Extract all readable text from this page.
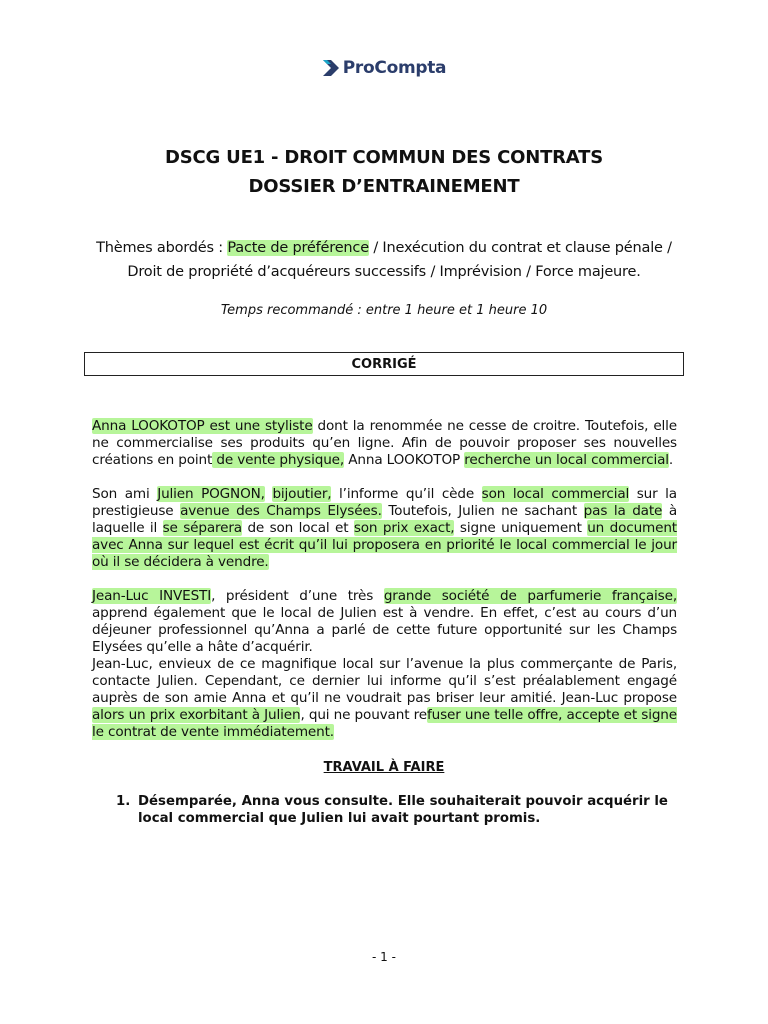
ProCompta
DSCG UE1 - DROIT COMMUN DES CONTRATS
DOSSIER D’ENTRAINEMENT
Thèmes abordés : Pacte de préférence / Inexécution du contrat et clause pénale /
Droit de propriété d’acquéreurs successifs / Imprévision / Force majeure.
Temps recommandé : entre 1 heure et 1 heure 10
CORRIGÉ

Anna LOOKOTOP est une styliste dont la renommée ne cesse de croitre. Toutefois, elle ne commercialise ses produits qu’en ligne. Afin de pouvoir proposer ses nouvelles créations en point de vente physique, Anna LOOKOTOP recherche un local commercial.

Son ami Julien POGNON, bijoutier, l’informe qu’il cède son local commercial sur la prestigieuse avenue des Champs Elysées. Toutefois, Julien ne sachant pas la date à laquelle il se séparera de son local et son prix exact, signe uniquement un document avec Anna sur lequel est écrit qu’il lui proposera en priorité le local commercial le jour où il se décidera à vendre.

Jean-Luc INVESTI, président d’une très grande société de parfumerie française, apprend également que le local de Julien est à vendre. En effet, c’est au cours d’un déjeuner professionnel qu’Anna a parlé de cette future opportunité sur les Champs Elysées qu’elle a hâte d’acquérir.

Jean-Luc, envieux de ce magnifique local sur l’avenue la plus commerçante de Paris, contacte Julien. Cependant, ce dernier lui informe qu’il s’est préalablement engagé auprès de son amie Anna et qu’il ne voudrait pas briser leur amitié. Jean-Luc propose alors un prix exorbitant à Julien, qui ne pouvant refuser une telle offre, accepte et signe le contrat de vente immédiatement.

TRAVAIL À FAIRE
1. Désemparée, Anna vous consulte. Elle souhaiterait pouvoir acquérir le local commercial que Julien lui avait pourtant promis.
- 1 -
